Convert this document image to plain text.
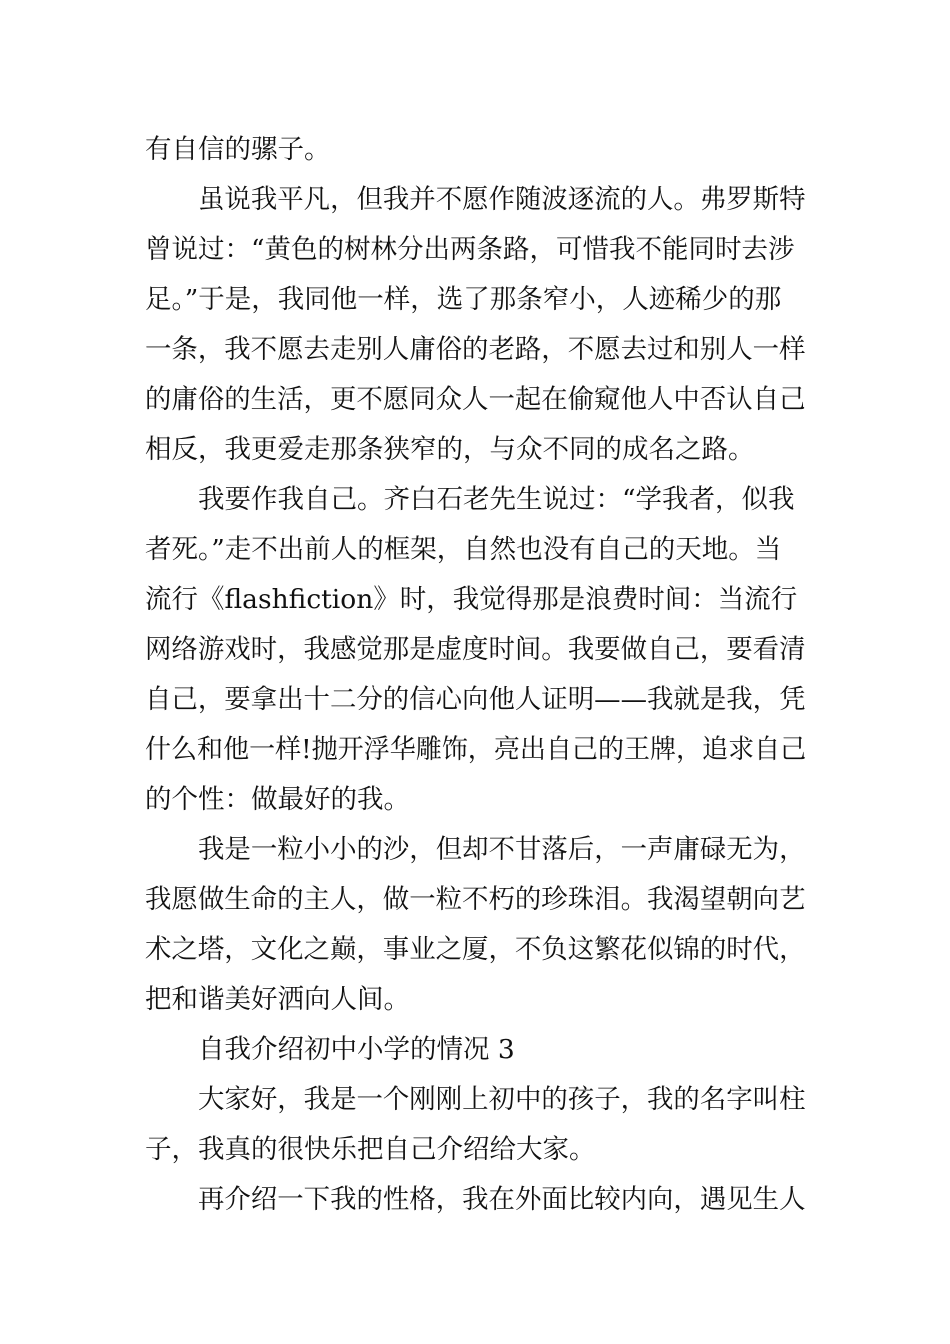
有自信的骡子。
虽说我平凡，但我并不愿作随波逐流的人。弗罗斯特
曾说过：“黄色的树林分出两条路，可惜我不能同时去涉
足。”于是，我同他一样，选了那条窄小，人迹稀少的那
一条，我不愿去走别人庸俗的老路，不愿去过和别人一样
的庸俗的生活，更不愿同众人一起在偷窥他人中否认自己
相反，我更爱走那条狭窄的，与众不同的成名之路。
我要作我自己。齐白石老先生说过：“学我者，似我
者死。”走不出前人的框架，自然也没有自己的天地。当
流行《flashfiction》时，我觉得那是浪费时间：当流行
网络游戏时，我感觉那是虚度时间。我要做自己，要看清
自己，要拿出十二分的信心向他人证明——我就是我，凭
什么和他一样!抛开浮华雕饰，亮出自己的王牌，追求自己
的个性：做最好的我。
我是一粒小小的沙，但却不甘落后，一声庸碌无为，
我愿做生命的主人，做一粒不朽的珍珠泪。我渴望朝向艺
术之塔，文化之巅，事业之厦，不负这繁花似锦的时代，
把和谐美好洒向人间。
自我介绍初中小学的情况 3
大家好，我是一个刚刚上初中的孩子，我的名字叫柱
子，我真的很快乐把自己介绍给大家。
再介绍一下我的性格，我在外面比较内向，遇见生人
